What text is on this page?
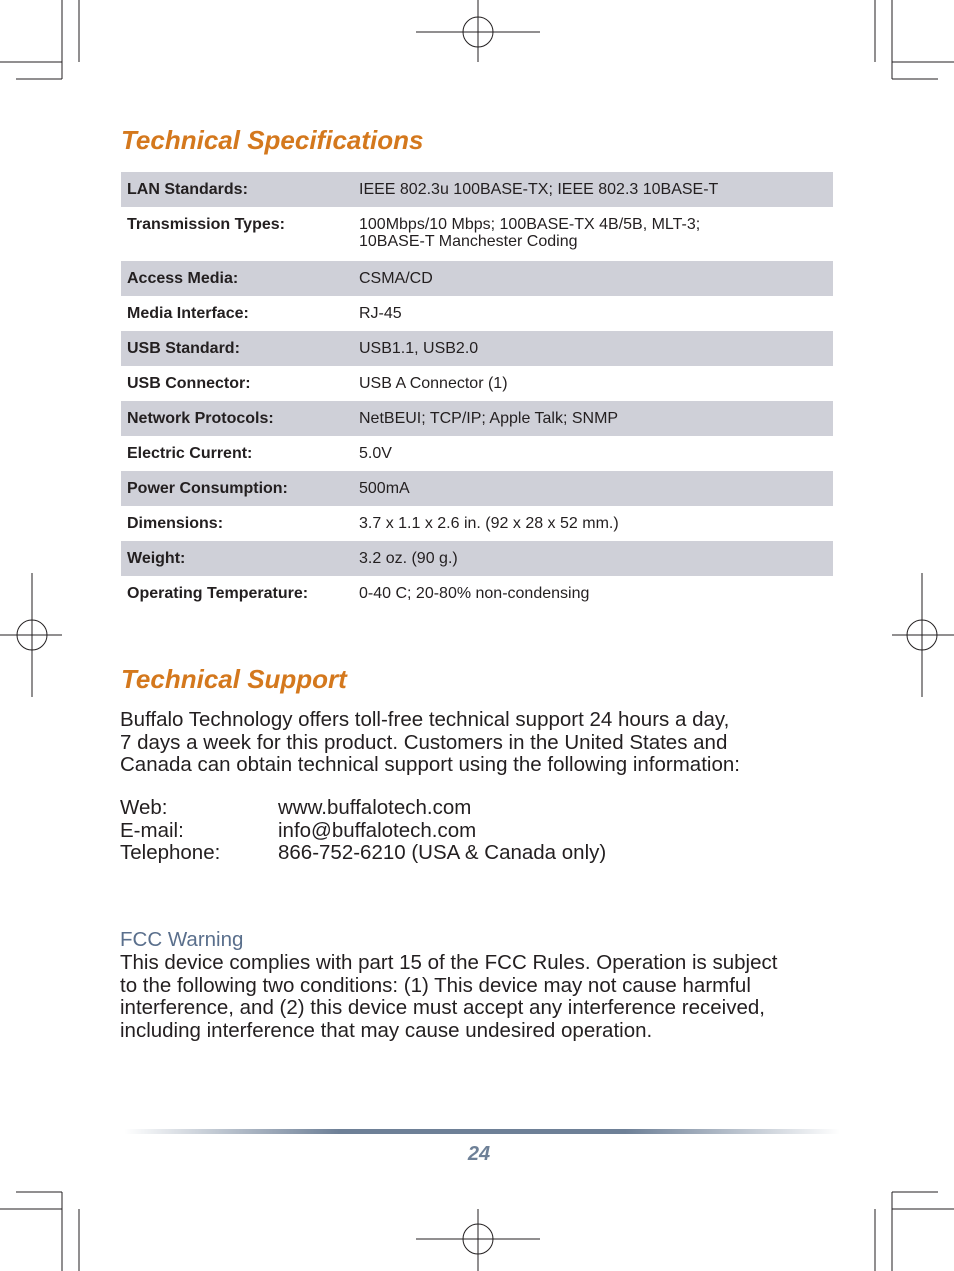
Technical Specifications
LAN Standards:	IEEE 802.3u 100BASE-TX; IEEE 802.3 10BASE-T
Transmission Types:	100Mbps/10 Mbps; 100BASE-TX 4B/5B, MLT-3;
10BASE-T Manchester Coding
Access Media:	CSMA/CD
Media Interface:	RJ-45
USB Standard:	USB1.1, USB2.0
USB Connector:	USB A Connector (1)
Network Protocols:	NetBEUI; TCP/IP; Apple Talk; SNMP
Electric Current:	5.0V
Power Consumption:	500mA
Dimensions:	3.7 x 1.1 x 2.6 in. (92 x 28 x 52 mm.)
Weight:	3.2 oz. (90 g.)
Operating Temperature:	0-40 C; 20-80% non-condensing
Technical Support
Buffalo Technology offers toll-free technical support 24 hours a day,
7 days a week for this product. Customers in the United States and
Canada can obtain technical support using the following information:
Web:	www.buffalotech.com
E-mail:	info@buffalotech.com
Telephone:	866-752-6210 (USA & Canada only)
FCC Warning
This device complies with part 15 of the FCC Rules. Operation is subject
to the following two conditions: (1) This device may not cause harmful
interference, and (2) this device must accept any interference received,
including interference that may cause undesired operation.
24
